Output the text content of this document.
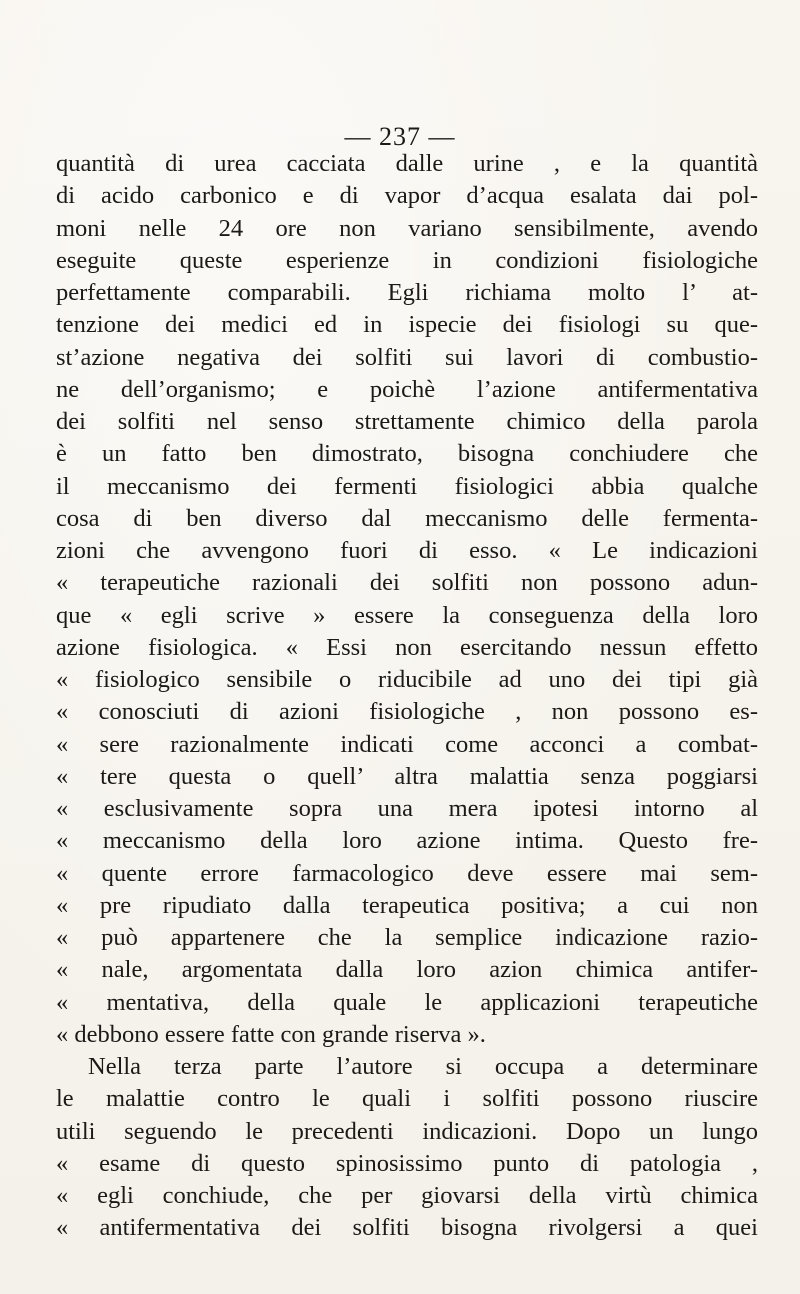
— 237 —
quantità di urea cacciata dalle urine , e la quantità
di acido carbonico e di vapor d’acqua esalata dai pol-
moni nelle 24 ore non variano sensibilmente, avendo
eseguite queste esperienze in condizioni fisiologiche
perfettamente comparabili. Egli richiama molto l’ at-
tenzione dei medici ed in ispecie dei fisiologi su que-
st’azione negativa dei solfiti sui lavori di combustio-
ne dell’organismo; e poichè l’azione antifermentativa
dei solfiti nel senso strettamente chimico della parola
è un fatto ben dimostrato, bisogna conchiudere che
il meccanismo dei fermenti fisiologici abbia qualche
cosa di ben diverso dal meccanismo delle fermenta-
zioni che avvengono fuori di esso. « Le indicazioni
« terapeutiche razionali dei solfiti non possono adun-
que « egli scrive » essere la conseguenza della loro
azione fisiologica. « Essi non esercitando nessun effetto
« fisiologico sensibile o riducibile ad uno dei tipi già
« conosciuti di azioni fisiologiche , non possono es-
« sere razionalmente indicati come acconci a combat-
« tere questa o quell’ altra malattia senza poggiarsi
« esclusivamente sopra una mera ipotesi intorno al
« meccanismo della loro azione intima. Questo fre-
« quente errore farmacologico deve essere mai sem-
« pre ripudiato dalla terapeutica positiva; a cui non
« può appartenere che la semplice indicazione razio-
« nale, argomentata dalla loro azion chimica antifer-
« mentativa, della quale le applicazioni terapeutiche
« debbono essere fatte con grande riserva ».
Nella terza parte l’autore si occupa a determinare
le malattie contro le quali i solfiti possono riuscire
utili seguendo le precedenti indicazioni. Dopo un lungo
« esame di questo spinosissimo punto di patologia ,
« egli conchiude, che per giovarsi della virtù chimica
« antifermentativa dei solfiti bisogna rivolgersi a quei
